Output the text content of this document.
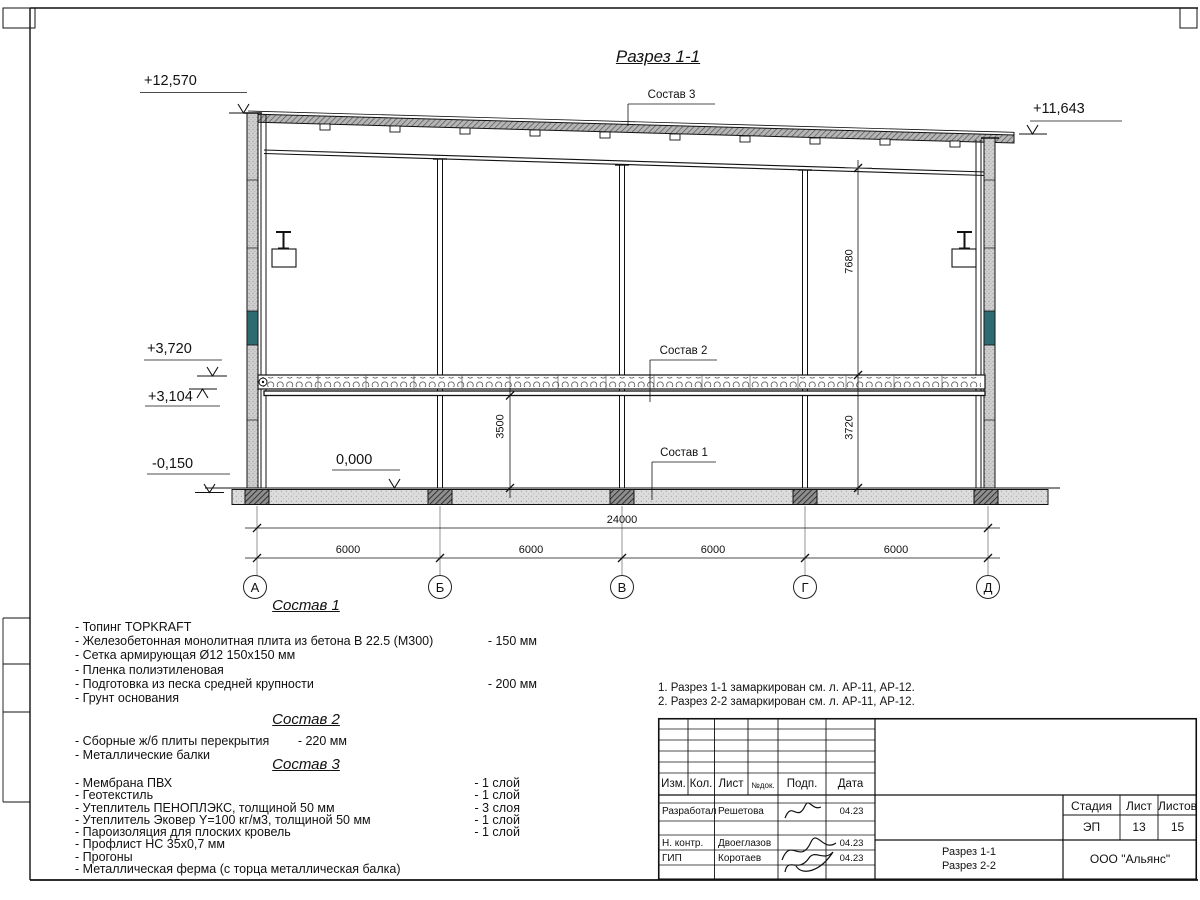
Разрез 1-1
+12,570
+11,643
+3,720
+3,104
-0,150	0,000
Состав 3
Состав 2
Состав 1
24000
6000	6000	6000	6000
7680
3720
3500
А	Б	В	Г	Д
Состав 1
- Топинг TOPKRAFT
- Железобетонная монолитная плита из бетона В 22.5 (М300)	- 150 мм
- Сетка армирующая Ø12 150х150 мм
- Пленка полиэтиленовая
- Подготовка из песка средней крупности	- 200 мм
- Грунт основания
Состав 2
- Сборные ж/б плиты перекрытия - 220 мм
- Металлические балки
Состав 3
- Мембрана ПВХ	- 1 слой
- Геотекстиль	- 1 слой
- Утеплитель ПЕНОПЛЭКС, толщиной 50 мм	- 3 слоя
- Утеплитель Эковер Y=100 кг/м3, толщиной 50 мм	- 1 слой
- Пароизоляция для плоских кровель	- 1 слой
- Профлист НС 35х0,7 мм
- Прогоны
- Металлическая ферма (с торца металлическая балка)
1. Разрез 1-1 замаркирован см. л. АР-11, АР-12.
2. Разрез 2-2 замаркирован см. л. АР-11, АР-12.
Изм. Кол. Лист №док.	Подп.	Дата
Разработал Решетова	04.23
Н. контр.	Двоеглазов	04.23
ГИП	Коротаев	04.23
Стадия	Лист Листов
ЭП	13	15
Разрез 1-1
Разрез 2-2	ООО "Альянс"
